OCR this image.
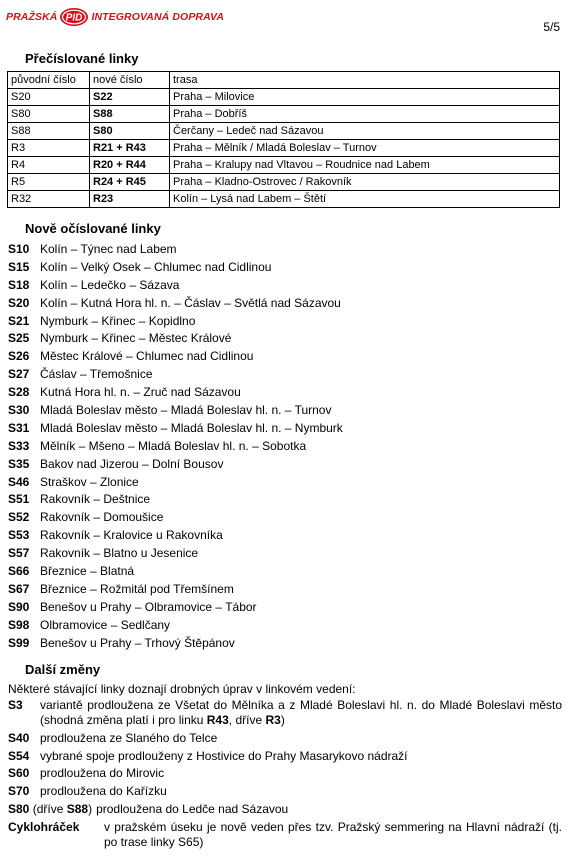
PRAŽSKÁ PID INTEGROVANÁ DOPRAVA
5/5
Přečíslované linky
původní číslo	nové číslo	trasa
S20	S22	Praha – Milovice
S80	S88	Praha – Dobříš
S88	S80	Čerčany – Ledeč nad Sázavou
R3	R21 + R43	Praha – Mělník / Mladá Boleslav – Turnov
R4	R20 + R44	Praha – Kralupy nad Vltavou – Roudnice nad Labem
R5	R24 + R45	Praha – Kladno-Ostrovec / Rakovník
R32	R23	Kolín – Lysá nad Labem – Štětí
Nově očíslované linky
S10 Kolín – Týnec nad Labem
S15 Kolín – Velký Osek – Chlumec nad Cidlinou
S18 Kolín – Ledečko – Sázava
S20 Kolín – Kutná Hora hl. n. – Čáslav – Světlá nad Sázavou
S21 Nymburk – Křinec – Kopidlno
S25 Nymburk – Křinec – Městec Králové
S26 Městec Králové – Chlumec nad Cidlinou
S27 Čáslav – Třemošnice
S28 Kutná Hora hl. n. – Zruč nad Sázavou
S30 Mladá Boleslav město – Mladá Boleslav hl. n. – Turnov
S31 Mladá Boleslav město – Mladá Boleslav hl. n. – Nymburk
S33 Mělník – Mšeno – Mladá Boleslav hl. n. – Sobotka
S35 Bakov nad Jizerou – Dolní Bousov
S46 Straškov – Zlonice
S51 Rakovník – Deštnice
S52 Rakovník – Domoušice
S53 Rakovník – Kralovice u Rakovníka
S57 Rakovník – Blatno u Jesenice
S66 Březnice – Blatná
S67 Březnice – Rožmitál pod Třemšínem
S90 Benešov u Prahy – Olbramovice – Tábor
S98 Olbramovice – Sedlčany
S99 Benešov u Prahy – Trhový Štěpánov
Další změny
Některé stávající linky doznají drobných úprav v linkovém vedení:
S3	variantě prodloužena ze Všetat do Mělníka a z Mladé Boleslavi hl. n. do Mladé Boleslavi město (shodná změna platí i pro linku R43, dříve R3)
S40 prodloužena ze Slaného do Telce
S54 vybrané spoje prodlouženy z Hostivice do Prahy Masarykovo nádraží
S60 prodloužena do Mirovic
S70 prodloužena do Kařízku
S80 (dříve S88) prodloužena do Ledče nad Sázavou
Cyklohráček	v pražském úseku je nově veden přes tzv. Pražský semmering na Hlavní nádraží (tj. po trase linky S65)
